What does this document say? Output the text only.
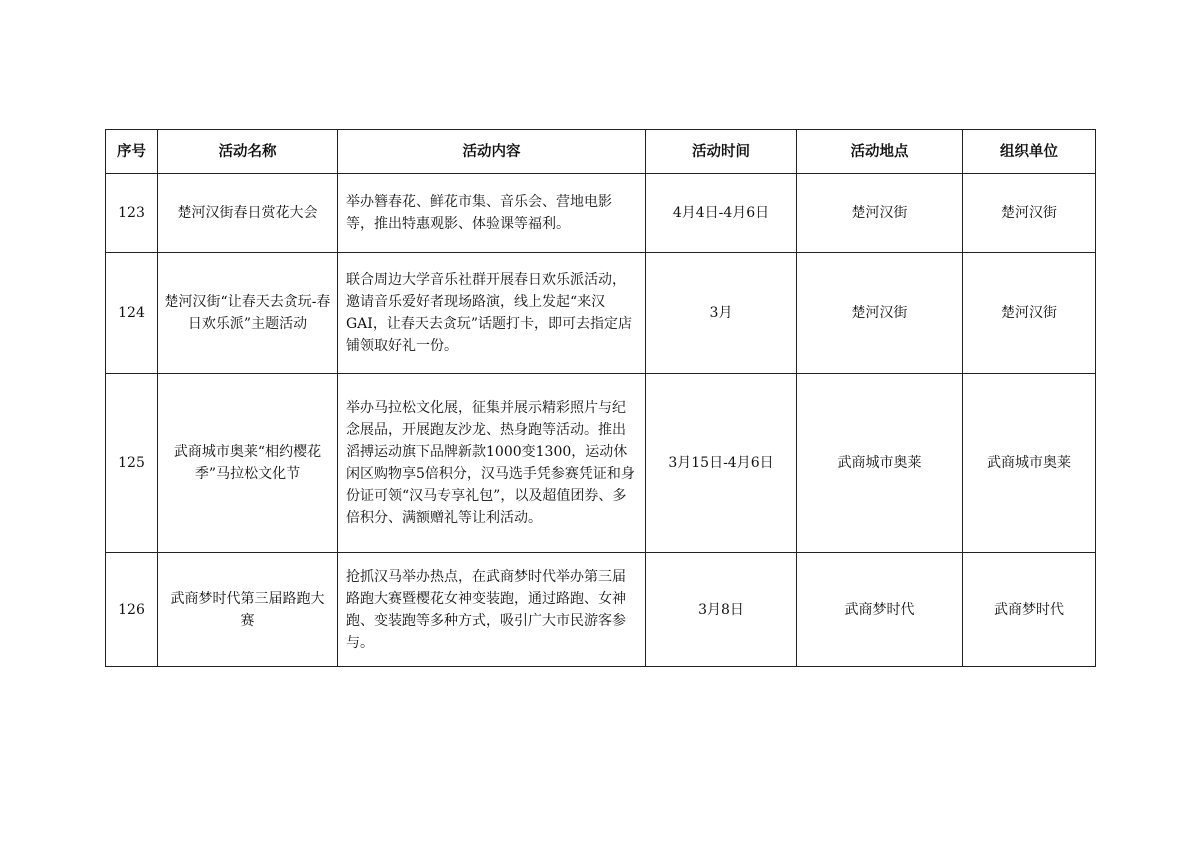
序号	活动名称	活动内容	活动时间	活动地点	组织单位
123	楚河汉街春日赏花大会	举办簪春花、鲜花市集、音乐会、营地电影等，推出特惠观影、体验课等福利。	4月4日-4月6日	楚河汉街	楚河汉街
124	楚河汉街“让春天去贪玩-春日欢乐派”主题活动	联合周边大学音乐社群开展春日欢乐派活动，邀请音乐爱好者现场路演，线上发起“来汉GAI，让春天去贪玩”话题打卡，即可去指定店铺领取好礼一份。	3月	楚河汉街	楚河汉街
125	武商城市奥莱“相约樱花季”马拉松文化节	举办马拉松文化展，征集并展示精彩照片与纪念展品，开展跑友沙龙、热身跑等活动。推出滔搏运动旗下品牌新款1000变1300，运动休闲区购物享5倍积分，汉马选手凭参赛凭证和身份证可领“汉马专享礼包”，以及超值团券、多倍积分、满额赠礼等让利活动。	3月15日-4月6日	武商城市奥莱	武商城市奥莱
126	武商梦时代第三届路跑大赛	抢抓汉马举办热点，在武商梦时代举办第三届路跑大赛暨樱花女神变装跑，通过路跑、女神跑、变装跑等多种方式，吸引广大市民游客参与。	3月8日	武商梦时代	武商梦时代
